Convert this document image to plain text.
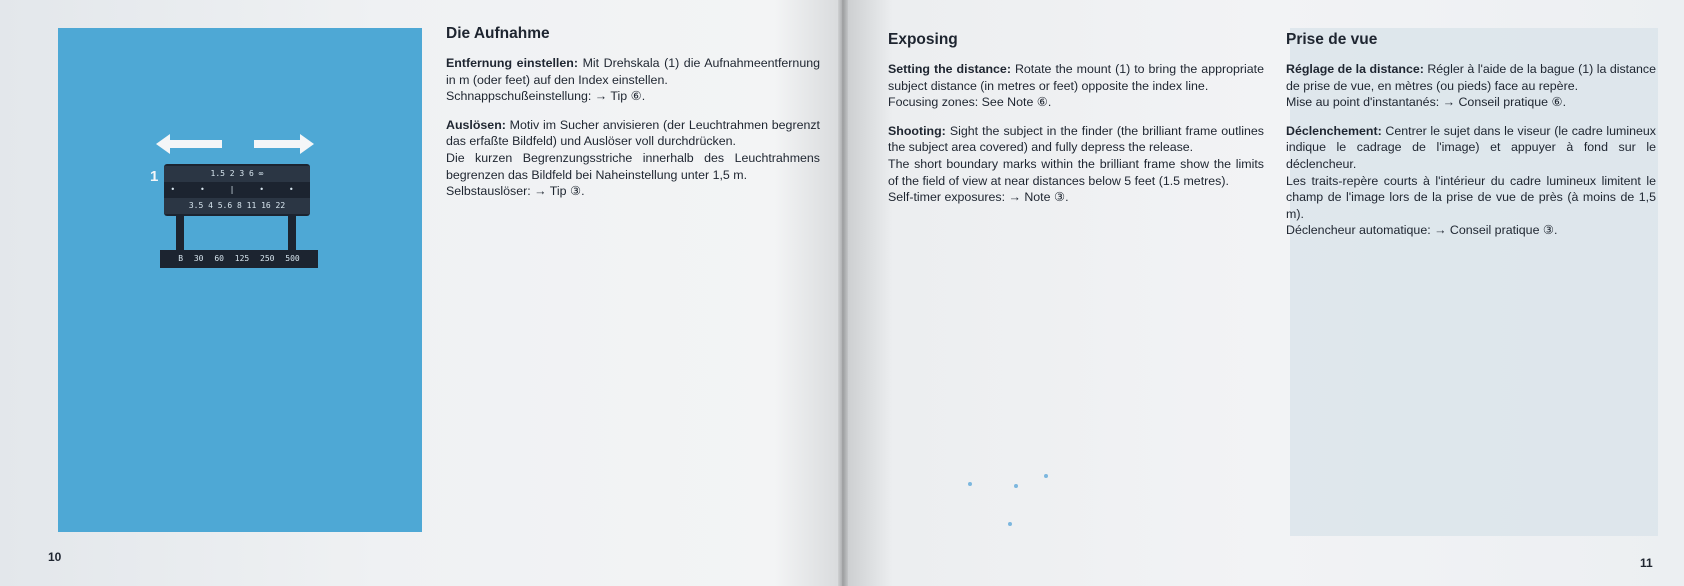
1	1.5 2 3 6 ∞
• • | • •
3.5 4 5.6 8 11 16 22
B 30 60 125 250 500
Die Aufnahme

Entfernung einstellen: Mit Drehskala (1) die Aufnahmeentfernung in m (oder feet) auf den Index einstellen.
Schnappschußeinstellung: → Tip ⑥.

Auslösen: Motiv im Sucher anvisieren (der Leuchtrahmen begrenzt das erfaßte Bildfeld) und Auslöser voll durchdrücken.
Die kurzen Begrenzungsstriche innerhalb des Leuchtrahmens begrenzen das Bildfeld bei Naheinstellung unter 1,5 m.
Selbstauslöser: → Tip ③.

10
Exposing

Setting the distance: Rotate the mount (1) to bring the appropriate subject distance (in metres or feet) opposite the index line.
Focusing zones: See Note ⑥.

Shooting: Sight the subject in the finder (the brilliant frame outlines the subject area covered) and fully depress the release.
The short boundary marks within the brilliant frame show the limits of the field of view at near distances below 5 feet (1.5 metres).
Self-timer exposures: → Note ③.

Prise de vue

Réglage de la distance: Régler à l'aide de la bague (1) la distance de prise de vue, en mètres (ou pieds) face au repère.
Mise au point d'instantanés: → Conseil pratique ⑥.

Déclenchement: Centrer le sujet dans le viseur (le cadre lumineux indique le cadrage de l'image) et appuyer à fond sur le déclencheur.
Les traits-repère courts à l'intérieur du cadre lumineux limitent le champ de l'image lors de la prise de vue de près (à moins de 1,5 m).
Déclencheur automatique: → Conseil pratique ③.

11
